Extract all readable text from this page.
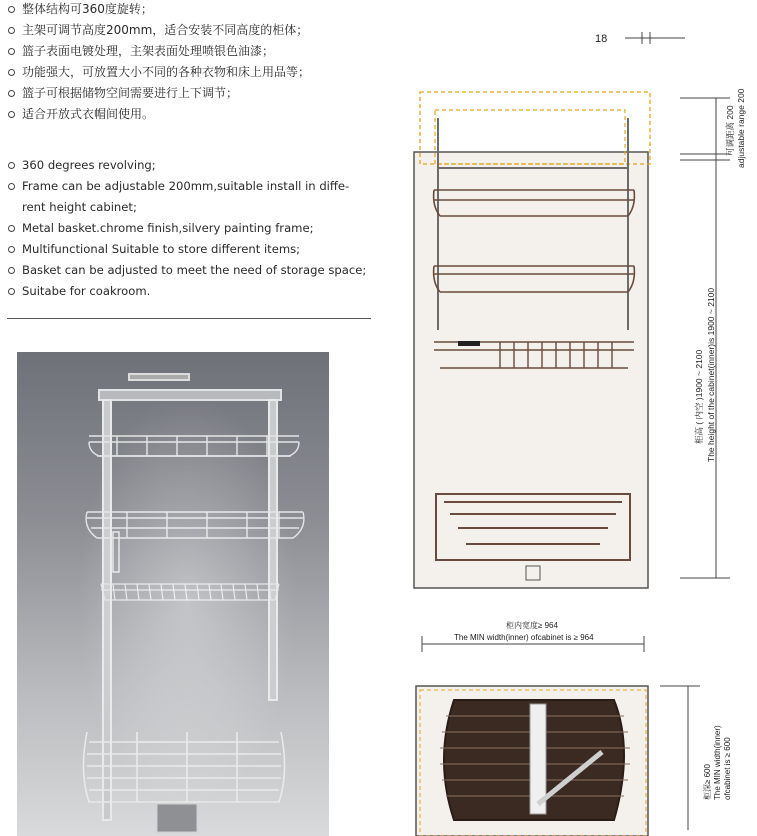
整体结构可360度旋转；
主架可调节高度200mm，适合安装不同高度的柜体；
篮子表面电镀处理，主架表面处理喷银色油漆；
功能强大，可放置大小不同的各种衣物和床上用品等；
篮子可根据储物空间需要进行上下调节；
适合开放式衣帽间使用。
360 degrees revolving;
Frame can be adjustable 200mm,suitable install in diffe-
rent height cabinet;
Metal basket.chrome finish,silvery painting frame;
Multifunctional Suitable to store different items;
Basket can be adjusted to meet the need of storage space;
Suitabe for coakroom.
18
可调距离 200 adjustable range 200
柜高 ( 内空 )1900 ~ 2100 The height of the cabinet(inner)is 1900 ~ 2100
柜内宽度≥ 964
The MIN width(inner) ofcabinet is ≥ 964
柜深≥ 600 The MIN width(inner) ofcabinet is ≥ 600
